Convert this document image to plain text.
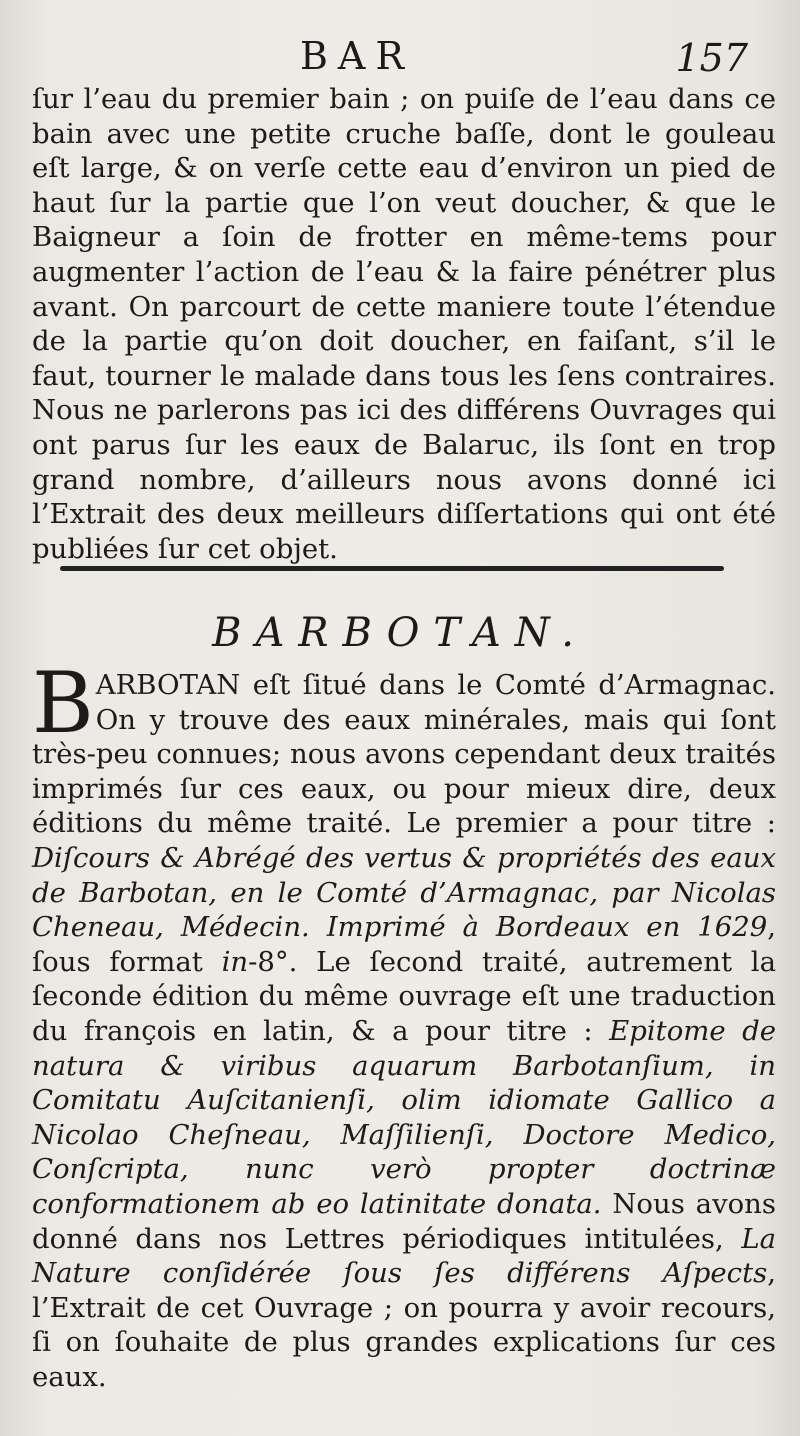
BAR	157

ſur l’eau du premier bain ; on puiſe de l’eau dans ce bain avec une petite cruche baſſe, dont le gouleau eſt large, & on verſe cette eau d’environ un pied de haut ſur la partie que l’on veut doucher, & que le Baigneur a ſoin de frotter en même-tems pour augmenter l’action de l’eau & la faire pénétrer plus avant. On parcourt de cette maniere toute l’étendue de la partie qu’on doit doucher, en faiſant, s’il le faut, tourner le malade dans tous les ſens contraires. Nous ne parlerons pas ici des différens Ouvrages qui ont parus ſur les eaux de Balaruc, ils ſont en trop grand nombre, d’ailleurs nous avons donné ici l’Extrait des deux meilleurs diſſertations qui ont été publiées ſur cet objet.

BARBOTAN.
B ARBOTAN eſt ſitué dans le Comté d’Armagnac. On y trouve des eaux minérales, mais qui ſont très-peu connues; nous avons cependant deux traités imprimés ſur ces eaux, ou pour mieux dire, deux éditions du même traité. Le premier a pour titre : Diſcours & Abrégé des vertus & propriétés des eaux de Barbotan, en le Comté d’Armagnac, par Nicolas Cheneau, Médecin. Imprimé à Bordeaux en 1629, ſous format in-8°. Le ſecond traité, autrement la ſeconde édition du même ouvrage eſt une traduction du françois en latin, & a pour titre : Epitome de natura & viribus aquarum Barbotanſium, in Comitatu Auſcitanienſi, olim idiomate Gallico a Nicolao Cheſneau, Maſſilienſi, Doctore Medico, Conſcripta, nunc verò propter doctrinæ conformationem ab eo latinitate donata. Nous avons donné dans nos Lettres périodiques intitulées, La Nature conſidérée ſous ſes différens Aſpects, l’Extrait de cet Ouvrage ; on pourra y avoir recours, ſi on ſouhaite de plus grandes explications ſur ces eaux.
